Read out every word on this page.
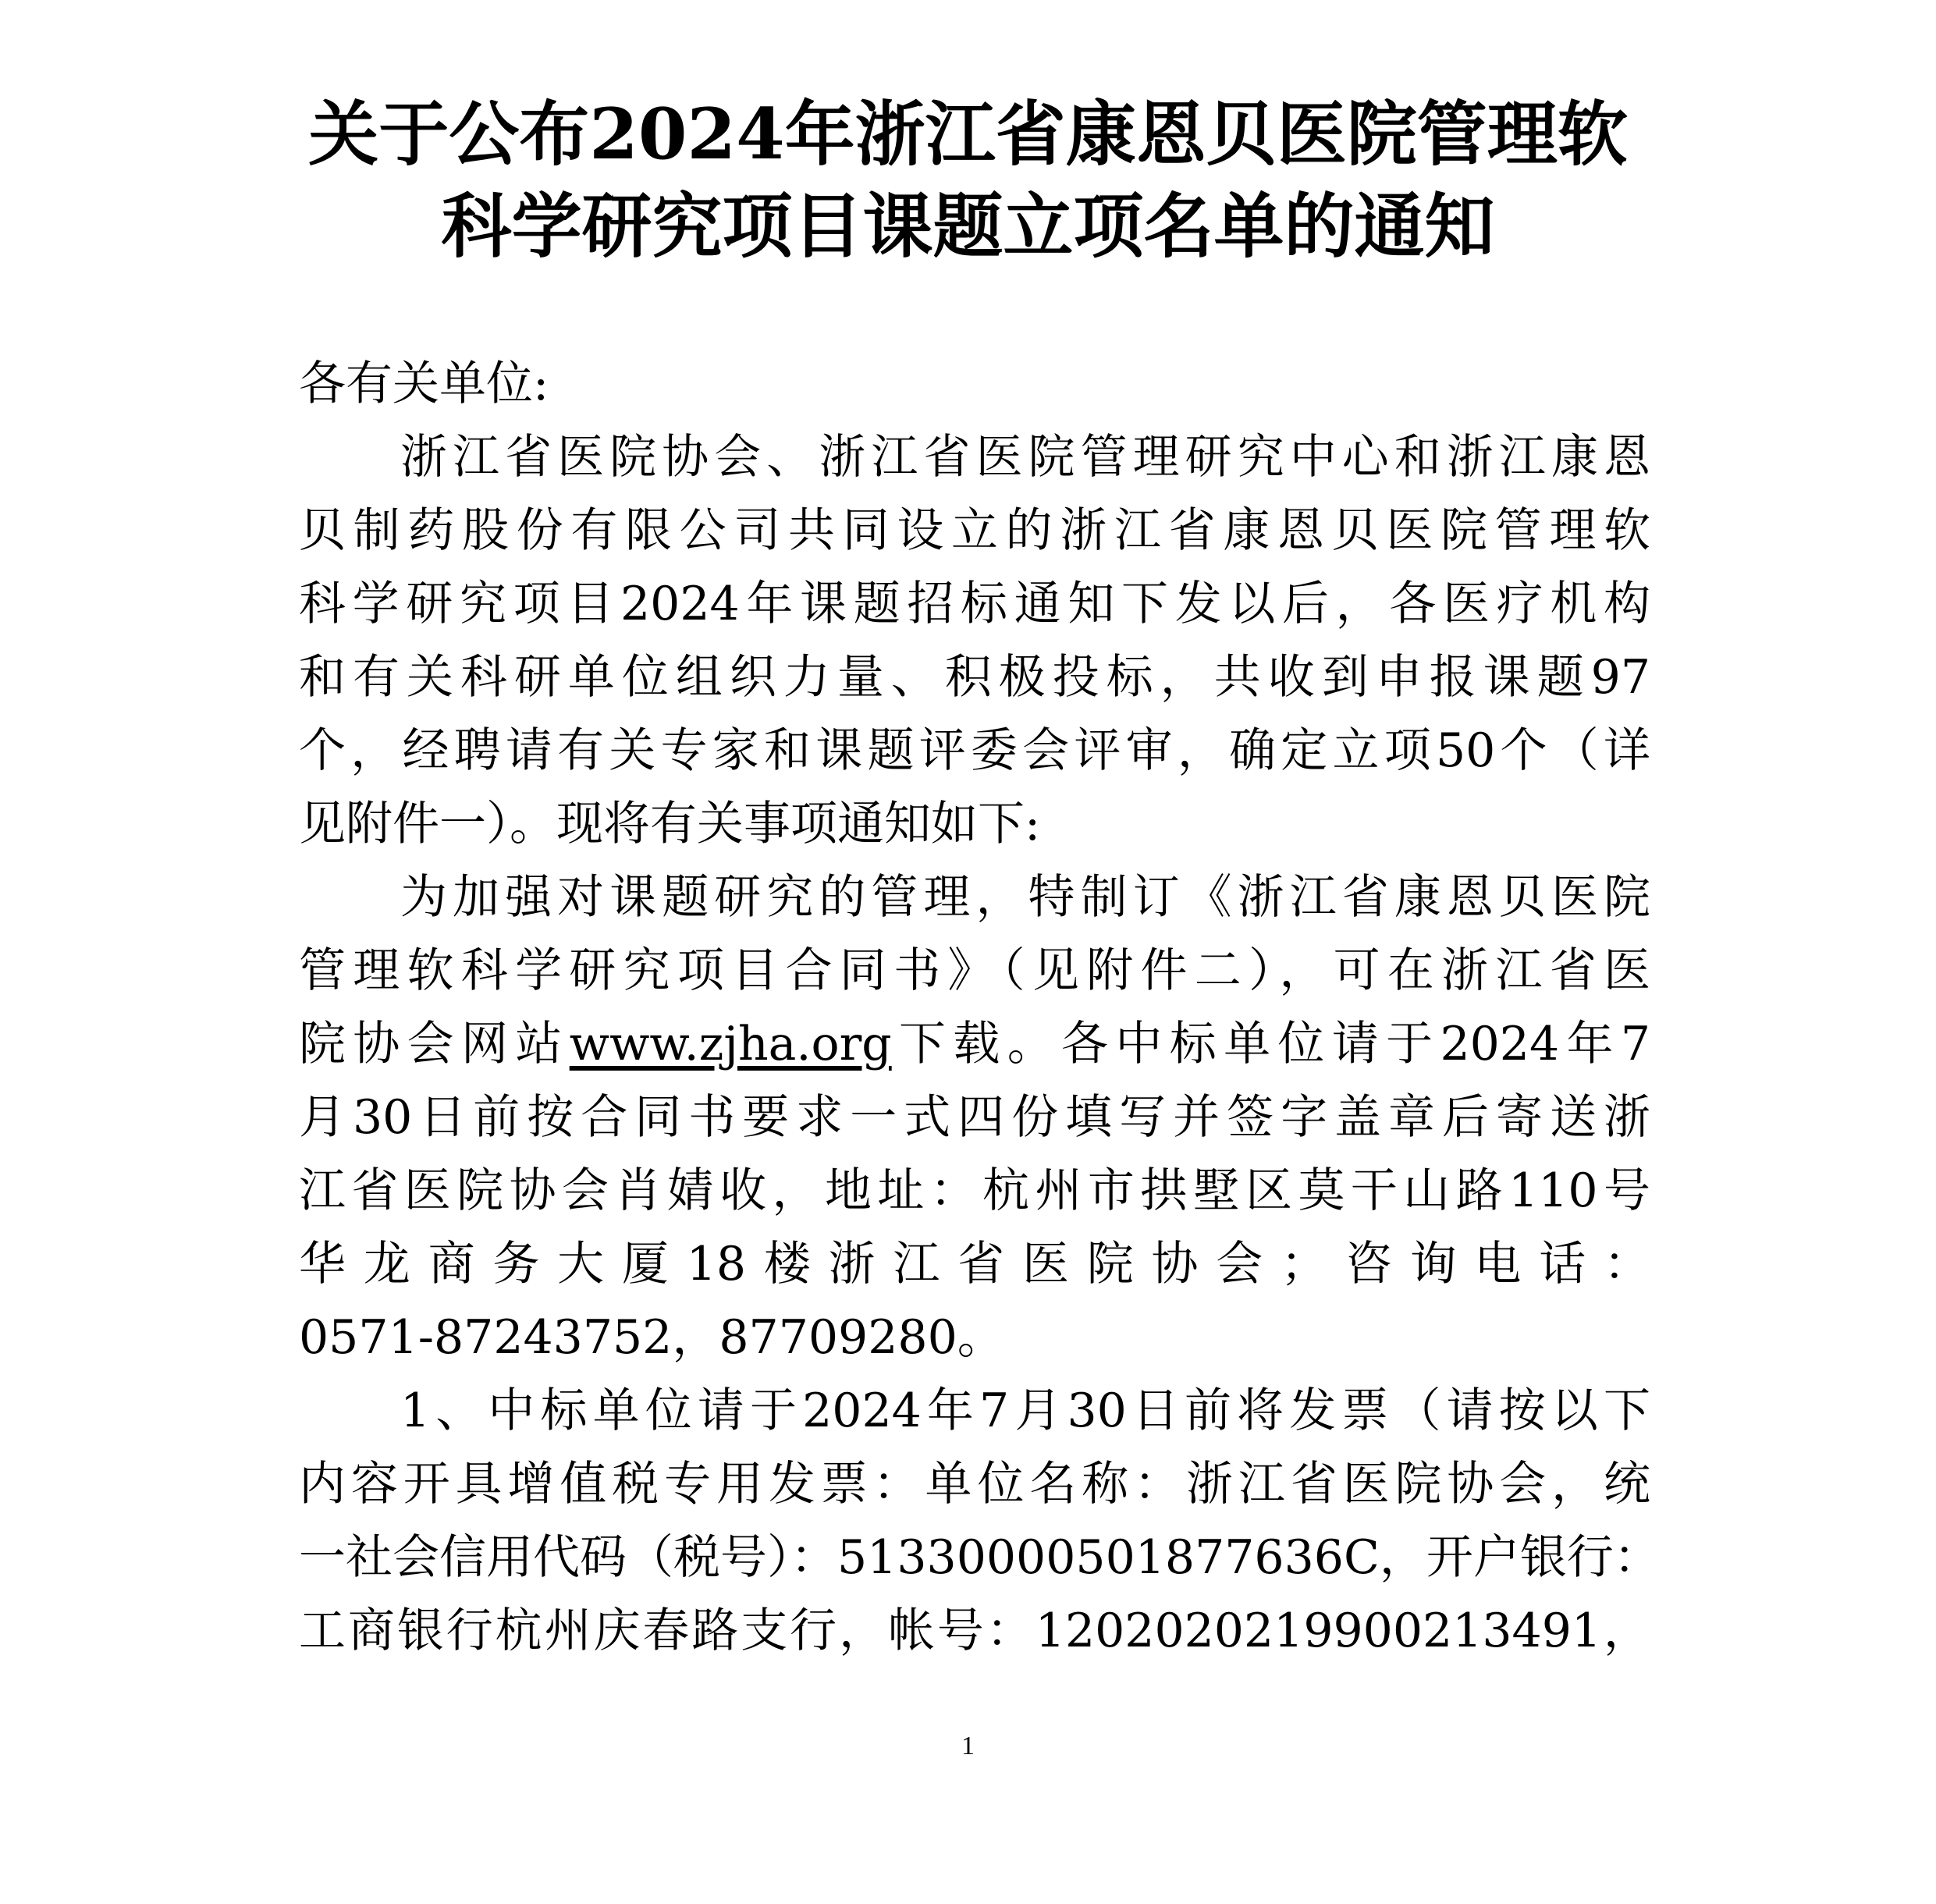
关于公布2024年浙江省康恩贝医院管理软
科学研究项目课题立项名单的通知
各有关单位:
浙江省医院协会、浙江省医院管理研究中心和浙江康恩
贝制药股份有限公司共同设立的浙江省康恩贝医院管理软
科学研究项目2024年课题招标通知下发以后，各医疗机构
和有关科研单位组织力量、积极投标，共收到申报课题97
个，经聘请有关专家和课题评委会评审，确定立项50个（详
见附件一）。现将有关事项通知如下:
为加强对课题研究的管理，特制订《浙江省康恩贝医院
管理软科学研究项目合同书》（见附件二），可在浙江省医
院协会网站www.zjha.org下载。各中标单位请于2024年7
月30日前按合同书要求一式四份填写并签字盖章后寄送浙
江省医院协会肖婧收，地址：杭州市拱墅区莫干山路110号
华龙商务大厦18楼浙江省医院协会；咨询电话：
0571-87243752，87709280。
1、中标单位请于2024年7月30日前将发票（请按以下
内容开具增值税专用发票：单位名称：浙江省医院协会，统
一社会信用代码（税号）：51330000501877636C，开户银行：
工商银行杭州庆春路支行，帐号：1202020219900213491，
1
